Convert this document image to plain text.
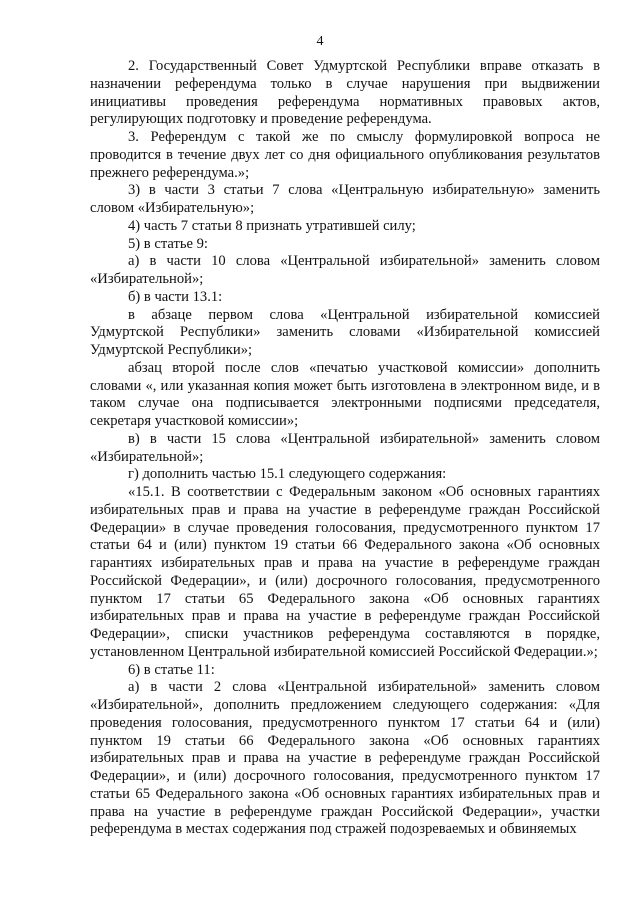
4

2. Государственный Совет Удмуртской Республики вправе отказать в назначении референдума только в случае нарушения при выдвижении инициативы проведения референдума нормативных правовых актов, регулирующих подготовку и проведение референдума.

3. Референдум с такой же по смыслу формулировкой вопроса не проводится в течение двух лет со дня официального опубликования результатов прежнего референдума.»;

3) в части 3 статьи 7 слова «Центральную избирательную» заменить словом «Избирательную»;

4) часть 7 статьи 8 признать утратившей силу;

5) в статье 9:

а) в части 10 слова «Центральной избирательной» заменить словом «Избирательной»;

б) в части 13.1:

в абзаце первом слова «Центральной избирательной комиссией Удмуртской Республики» заменить словами «Избирательной комиссией Удмуртской Республики»;

абзац второй после слов «печатью участковой комиссии» дополнить словами «, или указанная копия может быть изготовлена в электронном виде, и в таком случае она подписывается электронными подписями председателя, секретаря участковой комиссии»;

в) в части 15 слова «Центральной избирательной» заменить словом «Избирательной»;

г) дополнить частью 15.1 следующего содержания:

«15.1. В соответствии с Федеральным законом «Об основных гарантиях избирательных прав и права на участие в референдуме граждан Российской Федерации» в случае проведения голосования, предусмотренного пунктом 17 статьи 64 и (или) пунктом 19 статьи 66 Федерального закона «Об основных гарантиях избирательных прав и права на участие в референдуме граждан Российской Федерации», и (или) досрочного голосования, предусмотренного пунктом 17 статьи 65 Федерального закона «Об основных гарантиях избирательных прав и права на участие в референдуме граждан Российской Федерации», списки участников референдума составляются в порядке, установленном Центральной избирательной комиссией Российской Федерации.»;

6) в статье 11:

а) в части 2 слова «Центральной избирательной» заменить словом «Избирательной», дополнить предложением следующего содержания: «Для проведения голосования, предусмотренного пунктом 17 статьи 64 и (или) пунктом 19 статьи 66 Федерального закона «Об основных гарантиях избирательных прав и права на участие в референдуме граждан Российской Федерации», и (или) досрочного голосования, предусмотренного пунктом 17 статьи 65 Федерального закона «Об основных гарантиях избирательных прав и права на участие в референдуме граждан Российской Федерации», участки референдума в местах содержания под стражей подозреваемых и обвиняемых
